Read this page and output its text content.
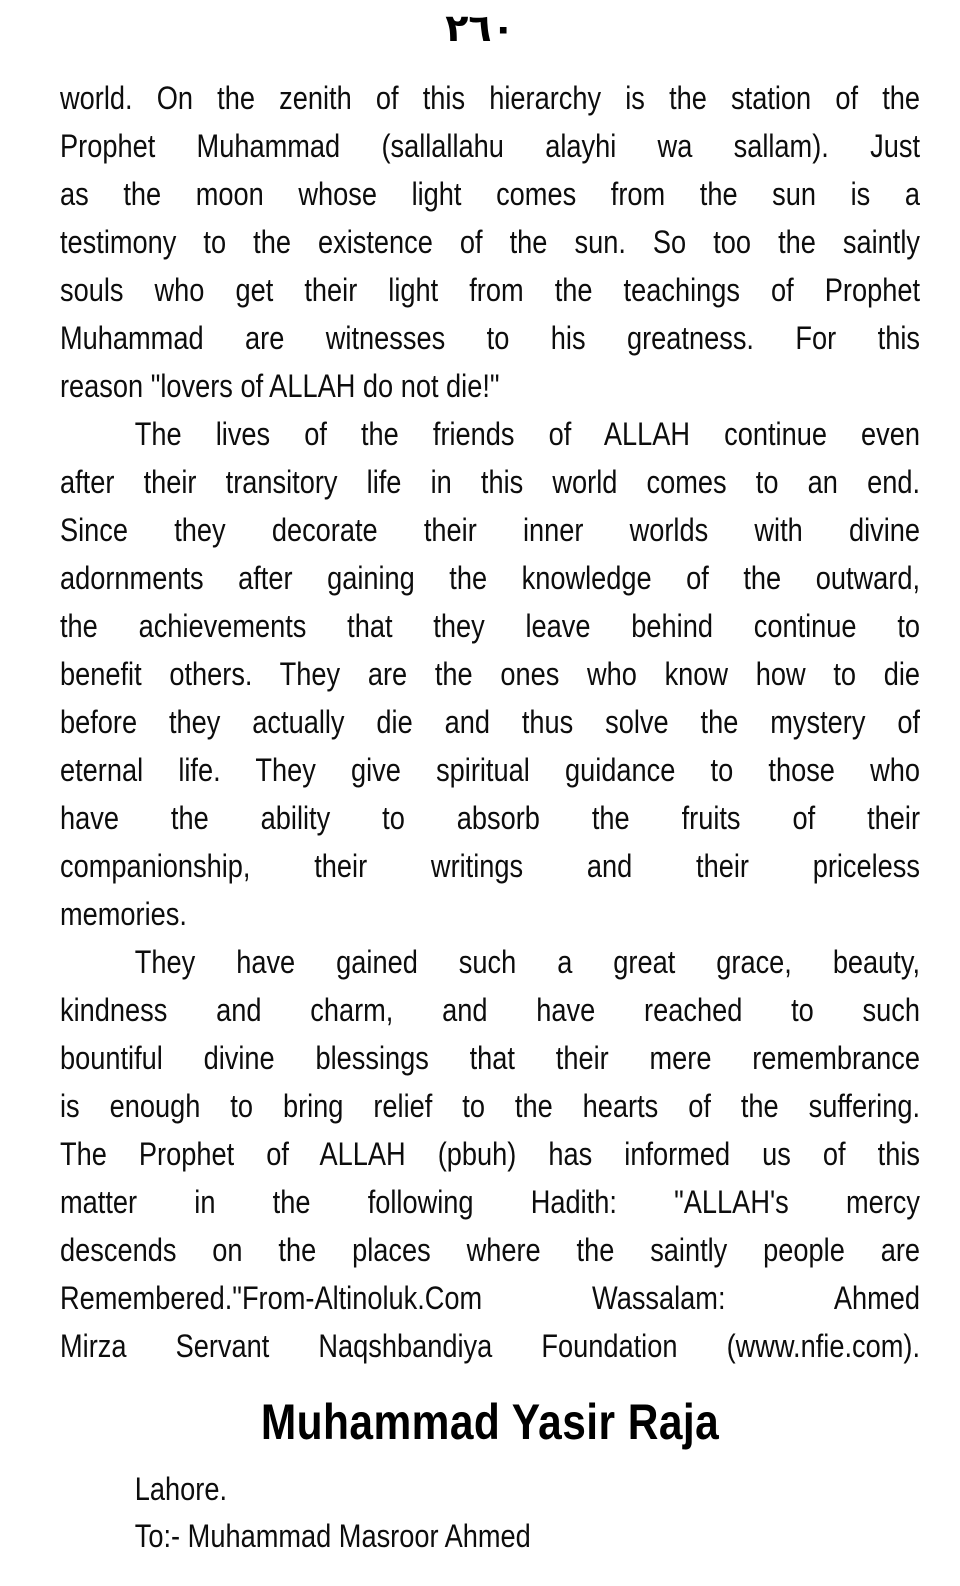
٢٦٠
world. On the zenith of this hierarchy is the station of the
Prophet Muhammad (sallallahu alayhi wa sallam). Just
as the moon whose light comes from the sun is a
testimony to the existence of the sun. So too the saintly
souls who get their light from the teachings of Prophet
Muhammad are witnesses to his greatness. For this
reason "lovers of ALLAH do not die!"
The lives of the friends of ALLAH continue even
after their transitory life in this world comes to an end.
Since they decorate their inner worlds with divine
adornments after gaining the knowledge of the outward,
the achievements that they leave behind continue to
benefit others. They are the ones who know how to die
before they actually die and thus solve the mystery of
eternal life. They give spiritual guidance to those who
have the ability to absorb the fruits of their
companionship, their writings and their priceless
memories.
They have gained such a great grace, beauty,
kindness and charm, and have reached to such
bountiful divine blessings that their mere remembrance
is enough to bring relief to the hearts of the suffering.
The Prophet of ALLAH (pbuh) has informed us of this
matter in the following Hadith: "ALLAH's mercy
descends on the places where the saintly people are
Remembered."From-Altinoluk.Com Wassalam: Ahmed
Mirza Servant Naqshbandiya Foundation (www.nfie.com).
Muhammad Yasir Raja
Lahore.
To:- Muhammad Masroor Ahmed
